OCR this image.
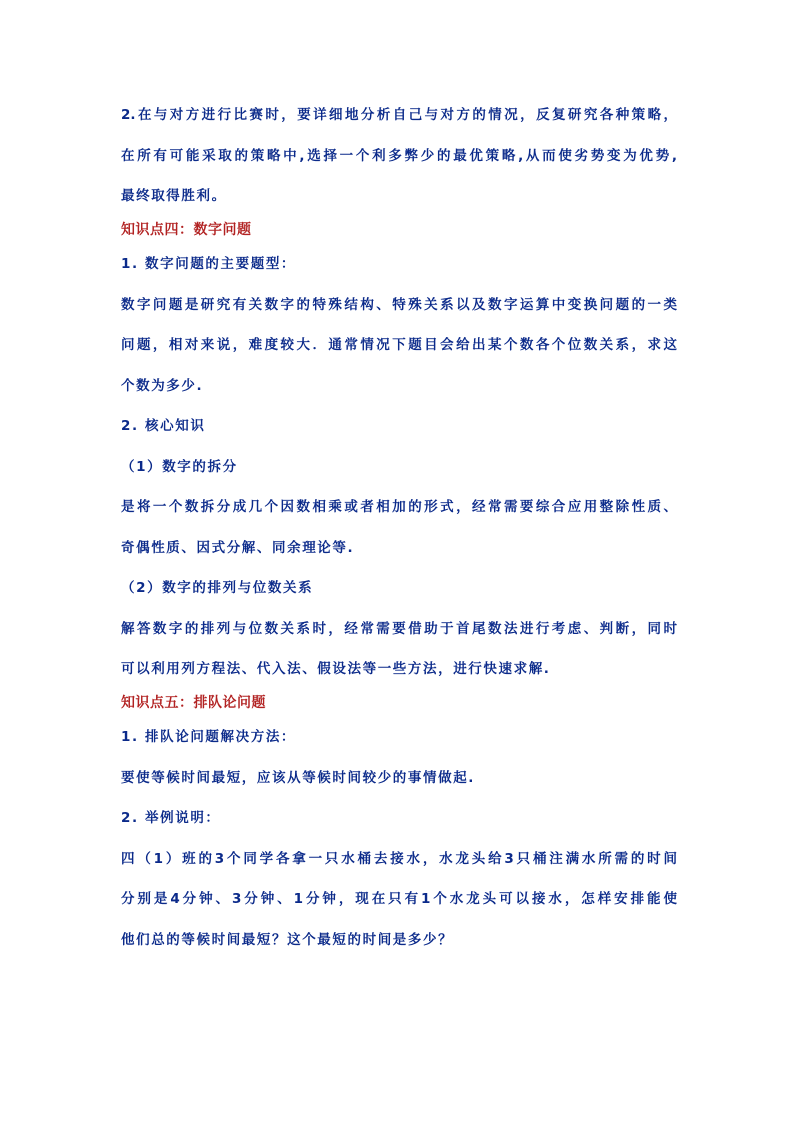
2.在与对方进行比赛时，要详细地分析自己与对方的情况，反复研究各种策略，
在所有可能采取的策略中,选择一个利多弊少的最优策略,从而使劣势变为优势,
最终取得胜利。
知识点四：数字问题
1. 数字问题的主要题型：
数字问题是研究有关数字的特殊结构、特殊关系以及数字运算中变换问题的一类
问题，相对来说，难度较大．通常情况下题目会给出某个数各个位数关系，求这
个数为多少.
2. 核心知识
（1）数字的拆分
是将一个数拆分成几个因数相乘或者相加的形式，经常需要综合应用整除性质、
奇偶性质、因式分解、同余理论等.
（2）数字的排列与位数关系
解答数字的排列与位数关系时，经常需要借助于首尾数法进行考虑、判断，同时
可以利用列方程法、代入法、假设法等一些方法，进行快速求解.
知识点五：排队论问题
1. 排队论问题解决方法：
要使等候时间最短，应该从等候时间较少的事情做起.
2. 举例说明：
四（1）班的3个同学各拿一只水桶去接水，水龙头给3只桶注满水所需的时间
分别是4分钟、3分钟、1分钟，现在只有1个水龙头可以接水，怎样安排能使
他们总的等候时间最短？这个最短的时间是多少？
